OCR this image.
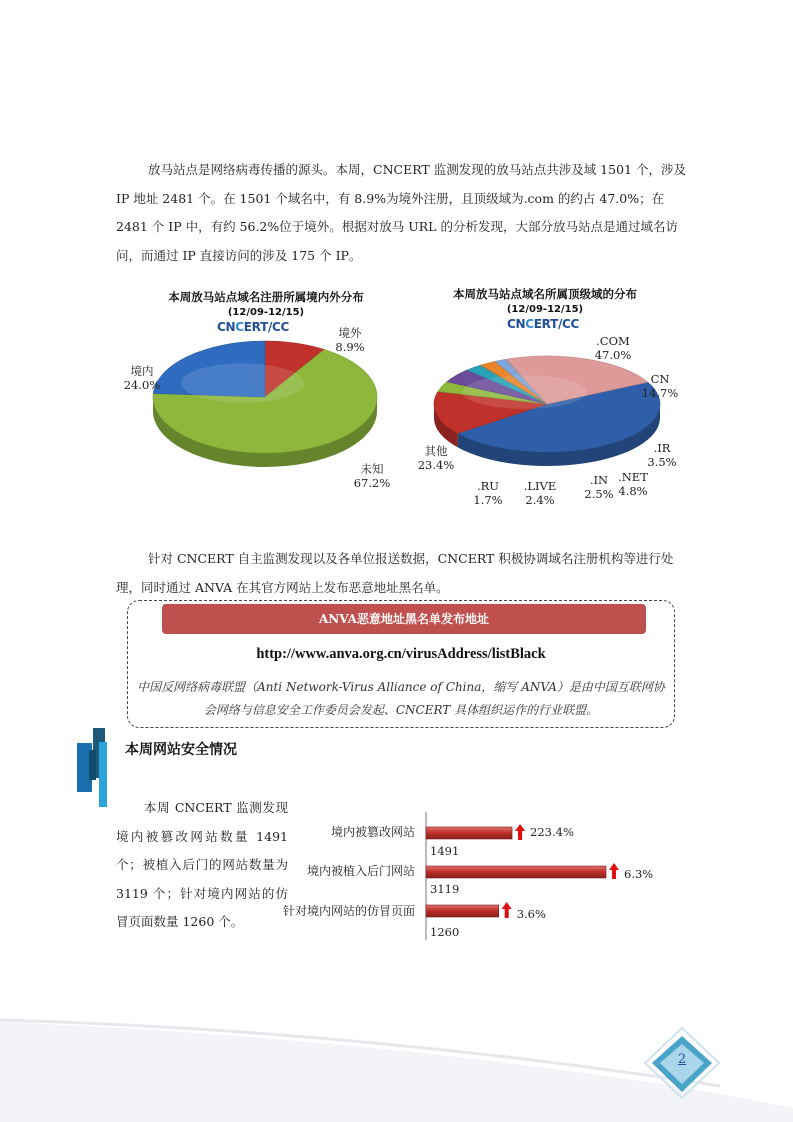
放马站点是网络病毒传播的源头。本周，CNCERT 监测发现的放马站点共涉及域 1501 个，涉及 IP 地址 2481 个。在 1501 个域名中，有 8.9%为境外注册，且顶级域为.com 的约占 47.0%；在 2481 个 IP 中，有约 56.2%位于境外。根据对放马 URL 的分析发现，大部分放马站点是通过域名访问，而通过 IP 直接访问的涉及 175 个 IP。
本周放马站点域名注册所属境内外分布
(12/09-12/15)
CNCERT/CC	境外
8.9%
未知
67.2%
境内
24.0%
本周放马站点域名所属顶级域的分布
(12/09-12/15)
CNCERT/CC
.COM
47.0%
CN
14.7%
.IR
3.5%
.NET
4.8%
.IN
2.5%
.LIVE
2.4%
.RU
1.7%
其他
23.4%
针对 CNCERT 自主监测发现以及各单位报送数据，CNCERT 积极协调域名注册机构等进行处理，同时通过 ANVA 在其官方网站上发布恶意地址黑名单。
ANVA恶意地址黑名单发布地址
http://www.anva.org.cn/virusAddress/listBlack
中国反网络病毒联盟（Anti Network-Virus Alliance of China，缩写 ANVA）是由中国互联网协会网络与信息安全工作委员会发起、CNCERT 具体组织运作的行业联盟。
本周网站安全情况
本周 CNCERT 监测发现境内被篡改网站数量 1491 个；被植入后门的网站数量为 3119 个；针对境内网站的仿冒页面数量 1260 个。
境内被篡改网站
境内被植入后门网站
针对境内网站的仿冒页面
1491
3119
1260
223.4%
6.3%
3.6%
2
